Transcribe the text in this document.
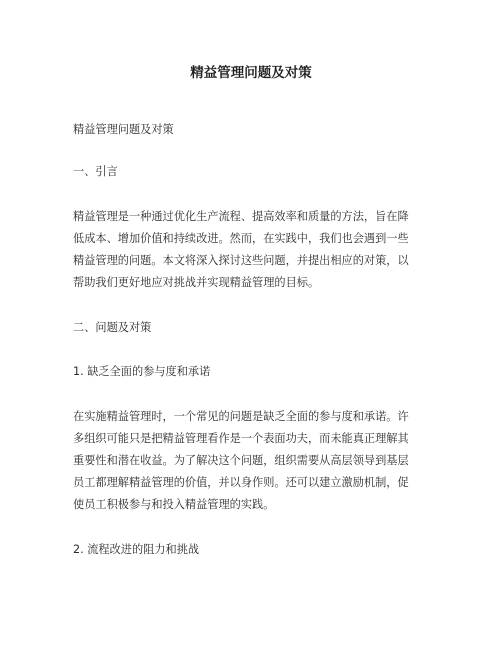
精益管理问题及对策
精益管理问题及对策
一、引言
精益管理是一种通过优化生产流程、提高效率和质量的方法，旨在降
低成本、增加价值和持续改进。然而，在实践中，我们也会遇到一些
精益管理的问题。本文将深入探讨这些问题，并提出相应的对策，以
帮助我们更好地应对挑战并实现精益管理的目标。
二、问题及对策
1. 缺乏全面的参与度和承诺
在实施精益管理时，一个常见的问题是缺乏全面的参与度和承诺。许
多组织可能只是把精益管理看作是一个表面功夫，而未能真正理解其
重要性和潜在收益。为了解决这个问题，组织需要从高层领导到基层
员工都理解精益管理的价值，并以身作则。还可以建立激励机制，促
使员工积极参与和投入精益管理的实践。
2. 流程改进的阻力和挑战
